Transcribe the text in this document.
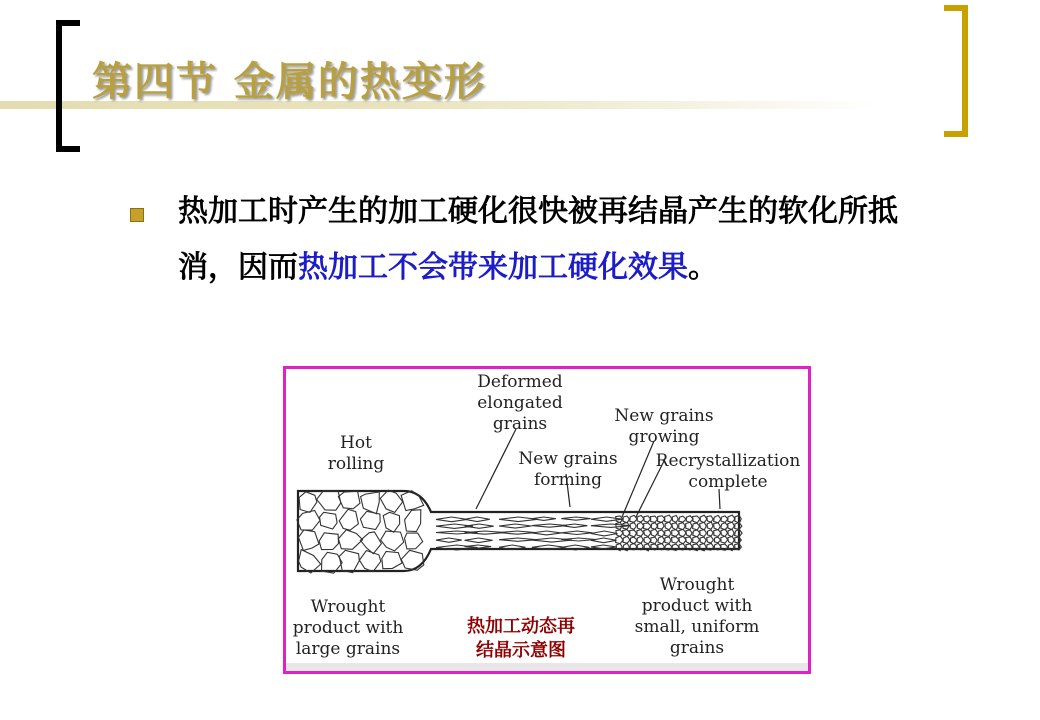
第四节 金属的热变形

热加工时产生的加工硬化很快被再结晶产生的软化所抵消，因而热加工不会带来加工硬化效果。

Hot
rolling

Deformed
elongated
grains

New grains
forming

New grains
growing

Recrystallization
complete

Wrought
product with
large grains

Wrought
product with
small, uniform
grains

热加工动态再
结晶示意图
